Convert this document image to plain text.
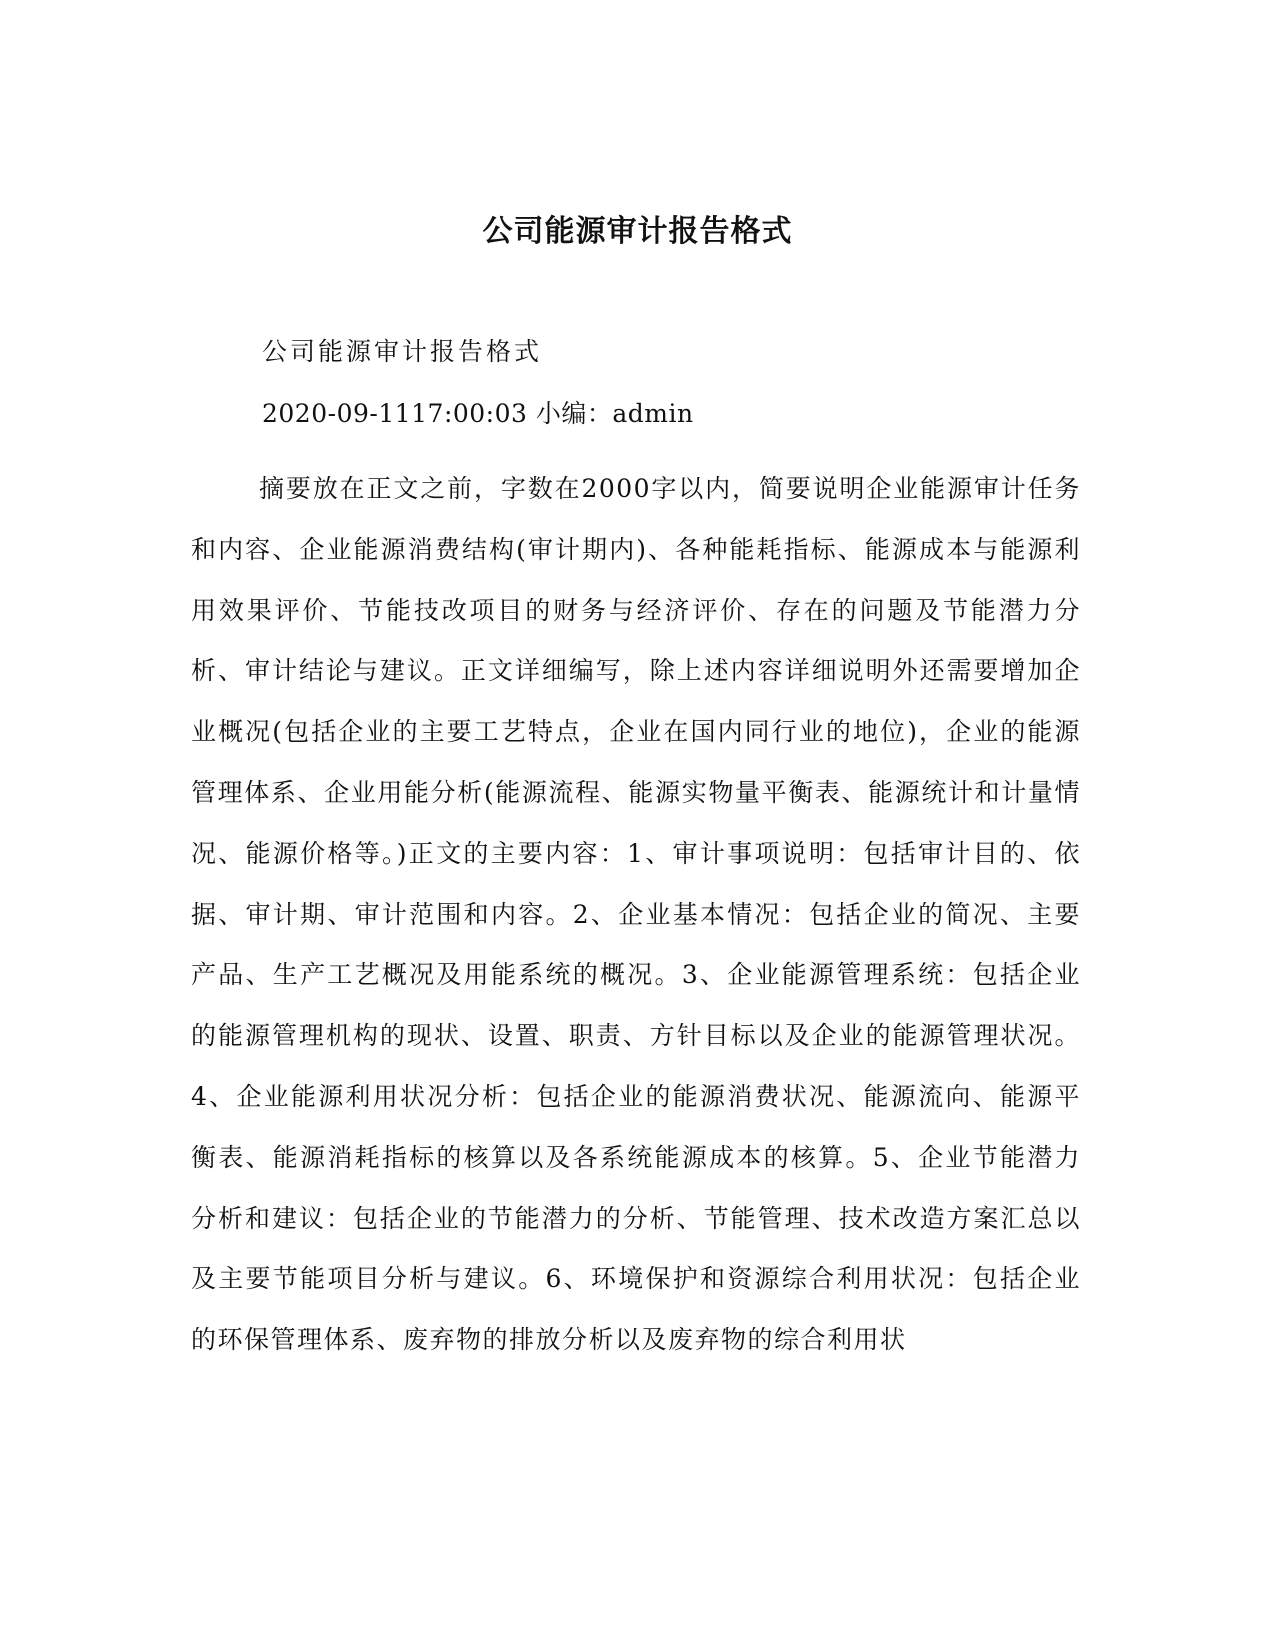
公司能源审计报告格式

公司能源审计报告格式

2020-09-1117:00:03 小编：admin

摘要放在正文之前，字数在2000字以内，简要说明企业能源审计任务和内容、企业能源消费结构(审计期内)、各种能耗指标、能源成本与能源利用效果评价、节能技改项目的财务与经济评价、存在的问题及节能潜力分析、审计结论与建议。正文详细编写，除上述内容详细说明外还需要增加企业概况(包括企业的主要工艺特点，企业在国内同行业的地位)，企业的能源管理体系、企业用能分析(能源流程、能源实物量平衡表、能源统计和计量情况、能源价格等。)正文的主要内容：1、审计事项说明：包括审计目的、依据、审计期、审计范围和内容。2、企业基本情况：包括企业的简况、主要产品、生产工艺概况及用能系统的概况。3、企业能源管理系统：包括企业的能源管理机构的现状、设置、职责、方针目标以及企业的能源管理状况。4、企业能源利用状况分析：包括企业的能源消费状况、能源流向、能源平衡表、能源消耗指标的核算以及各系统能源成本的核算。5、企业节能潜力分析和建议：包括企业的节能潜力的分析、节能管理、技术改造方案汇总以及主要节能项目分析与建议。6、环境保护和资源综合利用状况：包括企业的环保管理体系、废弃物的排放分析以及废弃物的综合利用状
